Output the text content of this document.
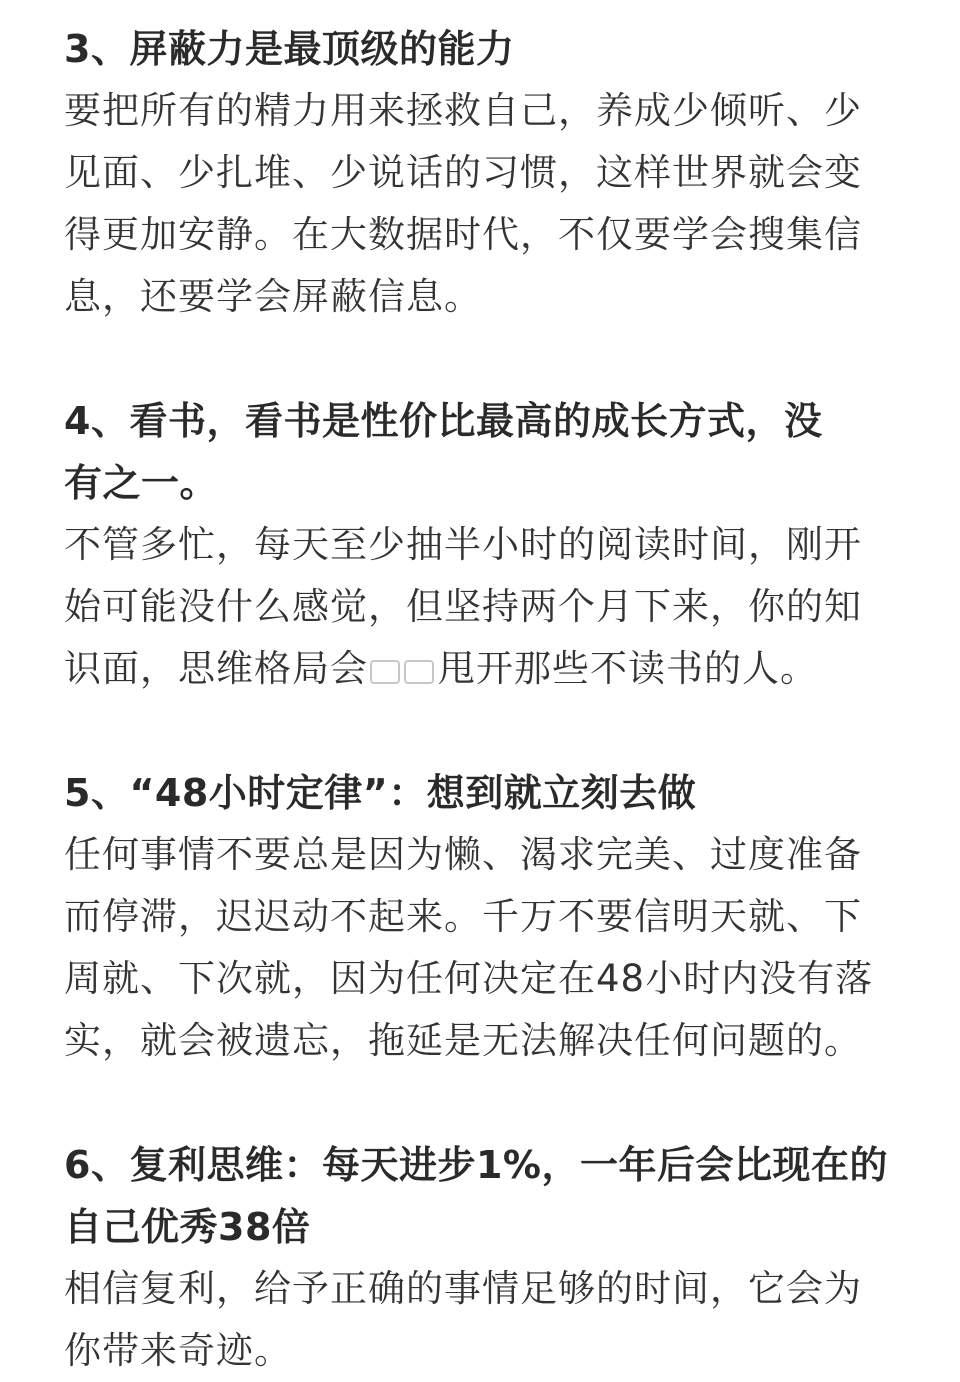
3、屏蔽力是最顶级的能力
要把所有的精力用来拯救自己，养成少倾听、少
见面、少扎堆、少说话的习惯，这样世界就会变
得更加安静。在大数据时代，不仅要学会搜集信
息，还要学会屏蔽信息。
4、看书，看书是性价比最高的成长方式，没
有之一。
不管多忙，每天至少抽半小时的阅读时间，刚开
始可能没什么感觉，但坚持两个月下来，你的知
识面，思维格局会 甩开那些不读书的人。
5、“48小时定律”：想到就立刻去做
任何事情不要总是因为懒、渴求完美、过度准备
而停滞，迟迟动不起来。千万不要信明天就、下
周就、下次就，因为任何决定在48小时内没有落
实，就会被遗忘，拖延是无法解决任何问题的。
6、复利思维：每天进步1%，一年后会比现在的
自己优秀38倍
相信复利，给予正确的事情足够的时间，它会为
你带来奇迹。
